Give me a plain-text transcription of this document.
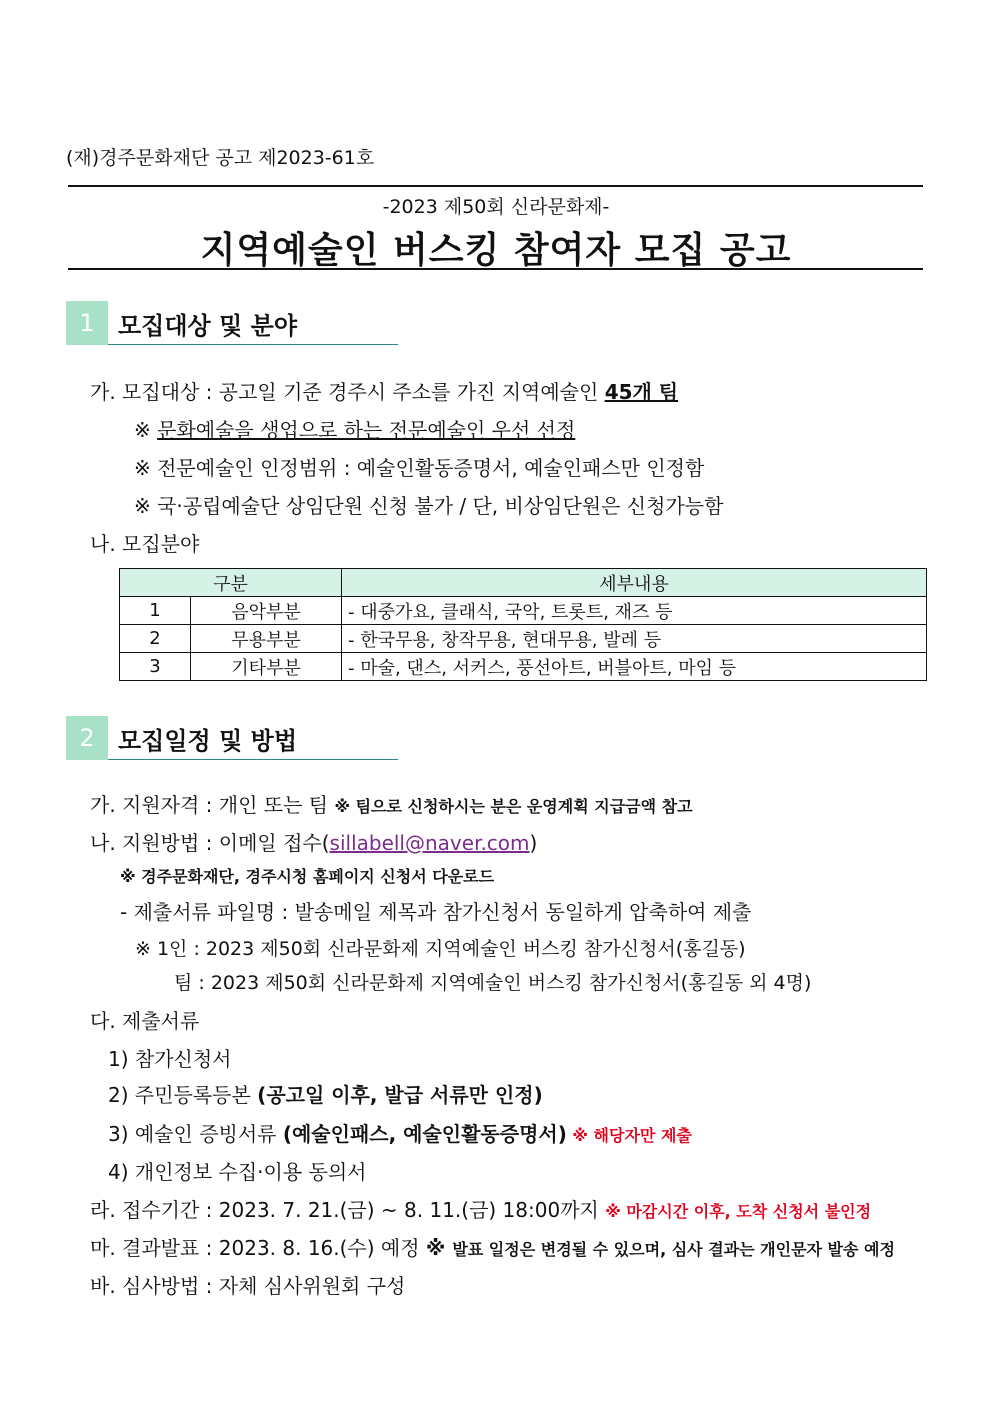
(재)경주문화재단 공고 제2023-61호
-2023 제50회 신라문화제-
지역예술인 버스킹 참여자 모집 공고
1 모집대상 및 분야
가. 모집대상 : 공고일 기준 경주시 주소를 가진 지역예술인 45개 팀
※ 문화예술을 생업으로 하는 전문예술인 우선 선정
※ 전문예술인 인정범위 : 예술인활동증명서, 예술인패스만 인정함
※ 국·공립예술단 상임단원 신청 불가 / 단, 비상임단원은 신청가능함
나. 모집분야
구분		세부내용
1	음악부분	- 대중가요, 클래식, 국악, 트롯트, 재즈 등
2	무용부분	- 한국무용, 창작무용, 현대무용, 발레 등
3	기타부분	- 마술, 댄스, 서커스, 풍선아트, 버블아트, 마임 등
2 모집일정 및 방법
가. 지원자격 : 개인 또는 팀 ※ 팀으로 신청하시는 분은 운영계획 지급금액 참고
나. 지원방법 : 이메일 접수(sillabell@naver.com)
※ 경주문화재단, 경주시청 홈페이지 신청서 다운로드
- 제출서류 파일명 : 발송메일 제목과 참가신청서 동일하게 압축하여 제출
※ 1인 : 2023 제50회 신라문화제 지역예술인 버스킹 참가신청서(홍길동)
팀 : 2023 제50회 신라문화제 지역예술인 버스킹 참가신청서(홍길동 외 4명)
다. 제출서류
1) 참가신청서
2) 주민등록등본 (공고일 이후, 발급 서류만 인정)
3) 예술인 증빙서류 (예술인패스, 예술인활동증명서) ※ 해당자만 제출
4) 개인정보 수집·이용 동의서
라. 접수기간 : 2023. 7. 21.(금) ~ 8. 11.(금) 18:00까지 ※ 마감시간 이후, 도착 신청서 불인정
마. 결과발표 : 2023. 8. 16.(수) 예정 ※ 발표 일정은 변경될 수 있으며, 심사 결과는 개인문자 발송 예정
바. 심사방법 : 자체 심사위원회 구성
